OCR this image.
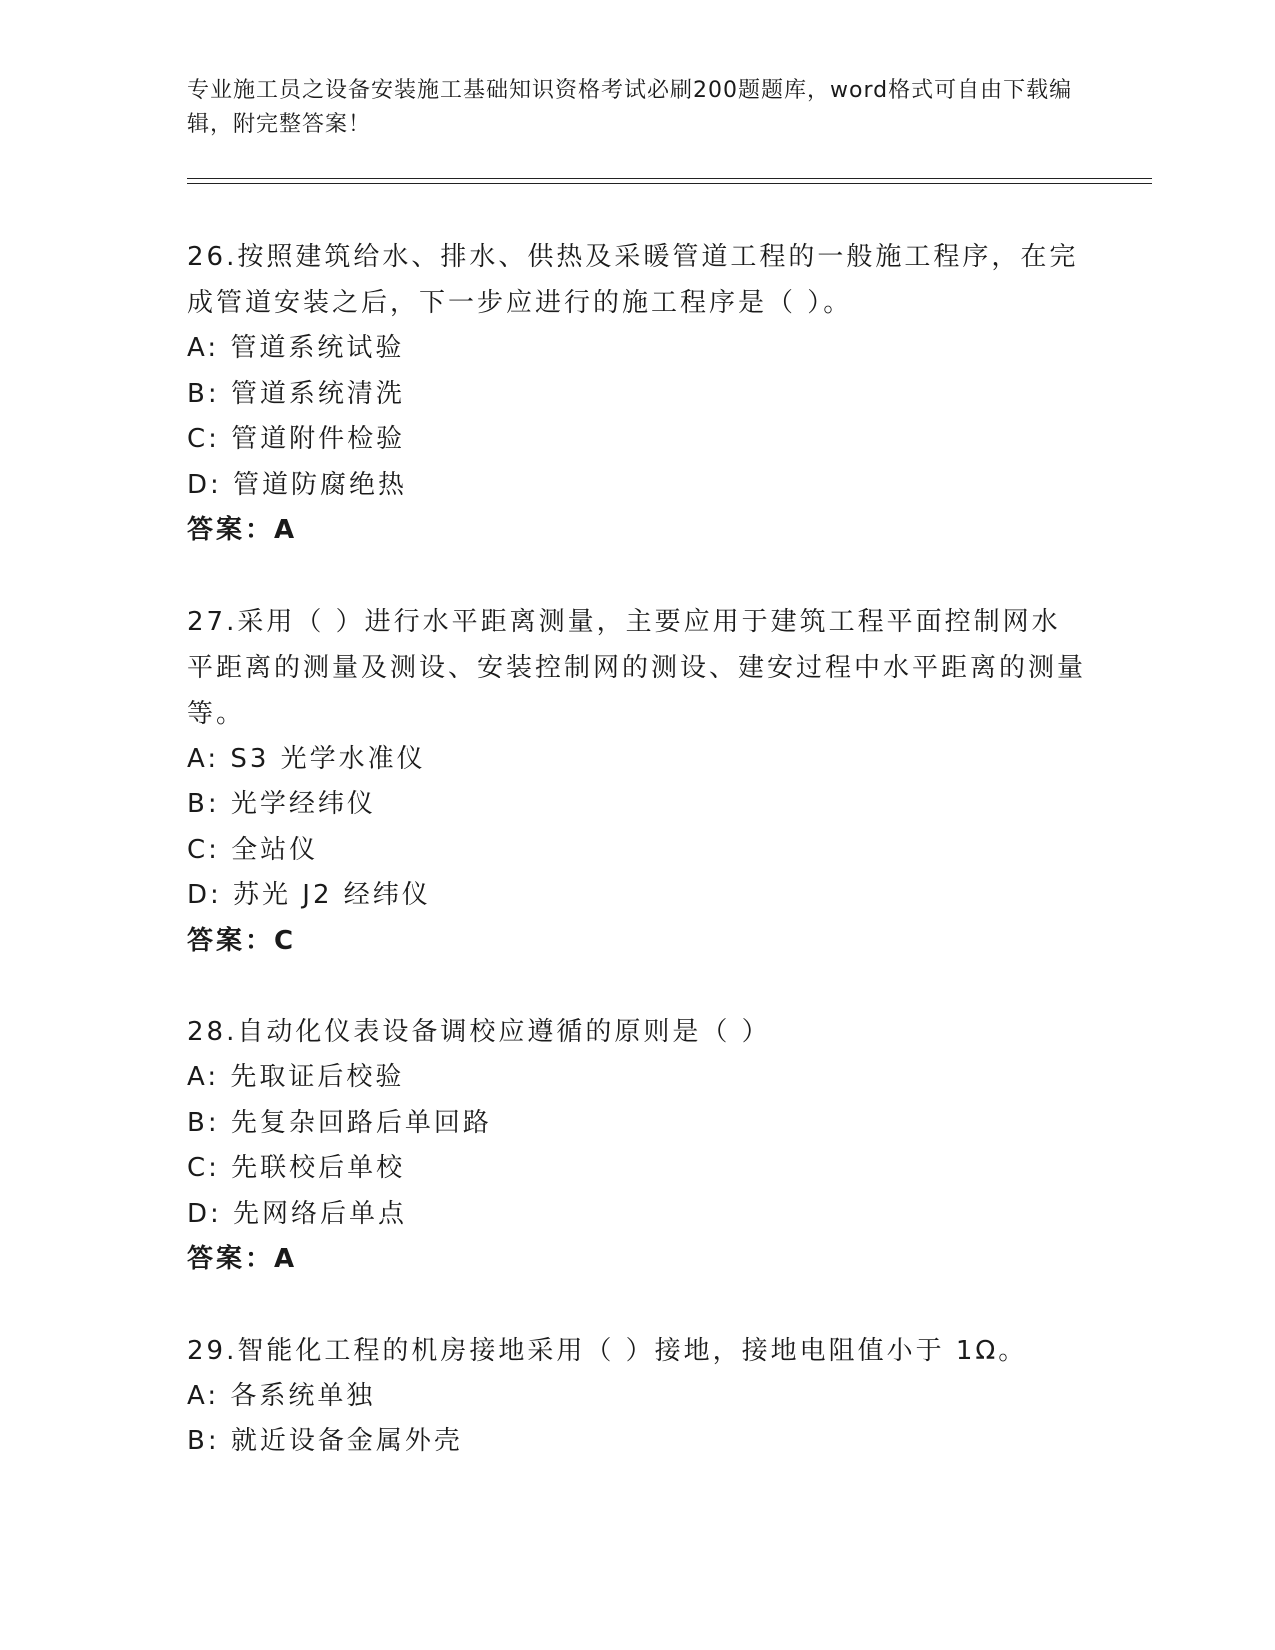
专业施工员之设备安装施工基础知识资格考试必刷200题题库，word格式可自由下载编辑，附完整答案！

26.按照建筑给水、排水、供热及采暖管道工程的一般施工程序，在完成管道安装之后，下一步应进行的施工程序是（ ）。

A: 管道系统试验

B: 管道系统清洗

C: 管道附件检验

D: 管道防腐绝热

答案：A

27.采用（ ）进行水平距离测量，主要应用于建筑工程平面控制网水平距离的测量及测设、安装控制网的测设、建安过程中水平距离的测量等。

A: S3 光学水准仪

B: 光学经纬仪

C: 全站仪

D: 苏光 J2 经纬仪

答案：C

28.自动化仪表设备调校应遵循的原则是（ ）

A: 先取证后校验

B: 先复杂回路后单回路

C: 先联校后单校

D: 先网络后单点

答案：A

29.智能化工程的机房接地采用（ ）接地，接地电阻值小于 1Ω。

A: 各系统单独

B: 就近设备金属外壳
